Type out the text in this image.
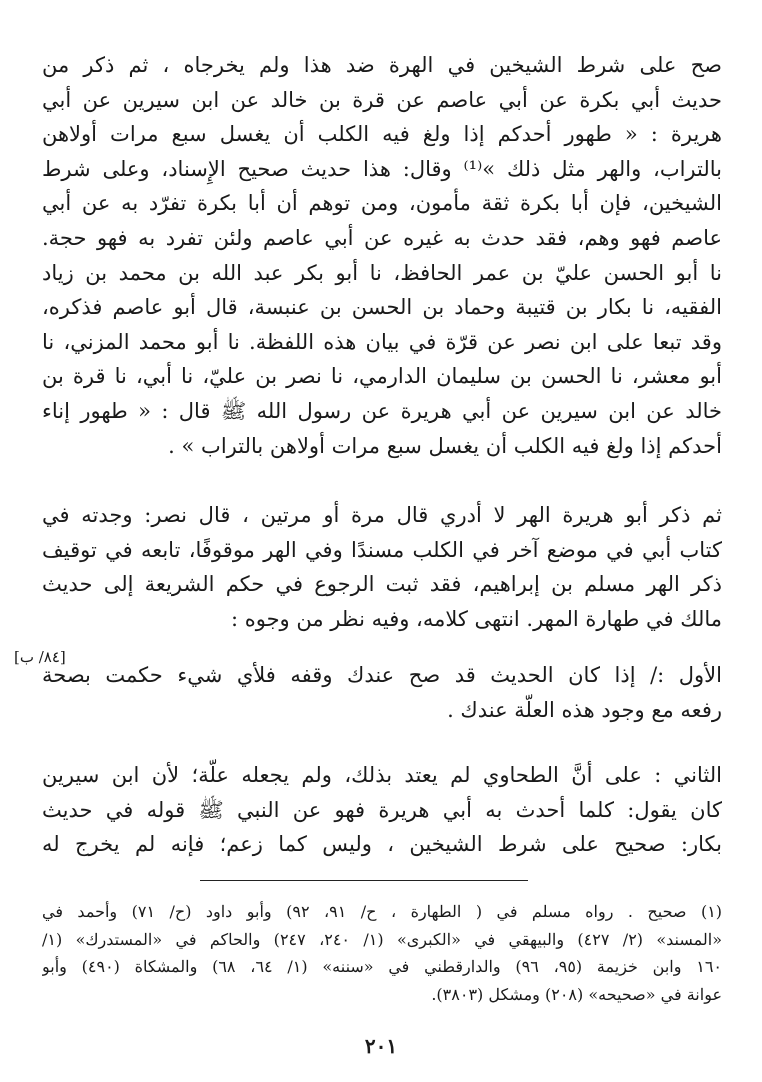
صح على شرط الشيخين في الهرة ضد هذا ولم يخرجاه ، ثم ذكر من
حديث أبي بكرة عن أبي عاصم عن قرة بن خالد عن ابن سيرين عن أبي
هريرة : « طهور أحدكم إذا ولغ فيه الكلب أن يغسل سبع مرات أولاهن
بالتراب، والهر مثل ذلك »⁽¹⁾ وقال: هذا حديث صحيح الإِسناد، وعلى شرط
الشيخين، فإن أبا بكرة ثقة مأمون، ومن توهم أن أبا بكرة تفرّد به عن أبي
عاصم فهو وهم، فقد حدث به غيره عن أبي عاصم ولئن تفرد به فهو حجة.
نا أبو الحسن عليّ بن عمر الحافظ، نا أبو بكر عبد الله بن محمد بن زياد
الفقيه، نا بكار بن قتيبة وحماد بن الحسن بن عنبسة، قال أبو عاصم فذكره،
وقد تبعا على ابن نصر عن قرّة في بيان هذه اللفظة. نا أبو محمد المزني، نا
أبو معشر، نا الحسن بن سليمان الدارمي، نا نصر بن عليّ، نا أبي، نا قرة بن
خالد عن ابن سيرين عن أبي هريرة عن رسول الله ﷺ قال : « طهور إناء
أحدكم إذا ولغ فيه الكلب أن يغسل سبع مرات أولاهن بالتراب » .
ثم ذكر أبو هريرة الهر لا أدري قال مرة أو مرتين ، قال نصر: وجدته في
كتاب أبي في موضع آخر في الكلب مسندًا وفي الهر موقوفًا، تابعه في توقيف
ذكر الهر مسلم بن إبراهيم، فقد ثبت الرجوع في حكم الشريعة إلى حديث
مالك في طهارة المهر. انتهى كلامه، وفيه نظر من وجوه :
[٨٤/ ب]
الأول :/ إذا كان الحديث قد صح عندك وقفه فلأي شيء حكمت بصحة
رفعه مع وجود هذه العلّة عندك .
الثاني : على أنَّ الطحاوي لم يعتد بذلك، ولم يجعله علّة؛ لأن ابن سيرين
كان يقول: كلما أحدث به أبي هريرة فهو عن النبي ﷺ قوله في حديث
بكار: صحيح على شرط الشيخين ، وليس كما زعم؛ فإنه لم يخرج له
(١) صحيح . رواه مسلم في ( الطهارة ، ح/ ٩١، ٩٢) وأبو داود (ح/ ٧١) وأحمد في
«المسند» (٢/ ٤٢٧) والبيهقي في «الكبرى» (١/ ٢٤٠، ٢٤٧) والحاكم في «المستدرك» (١/
١٦٠ وابن خزيمة (٩٥، ٩٦) والدارقطني في «سننه» (١/ ٦٤، ٦٨) والمشكاة (٤٩٠) وأبو
عوانة في «صحيحه» (٢٠٨) ومشكل (٣٨٠٣).
٢٠١
